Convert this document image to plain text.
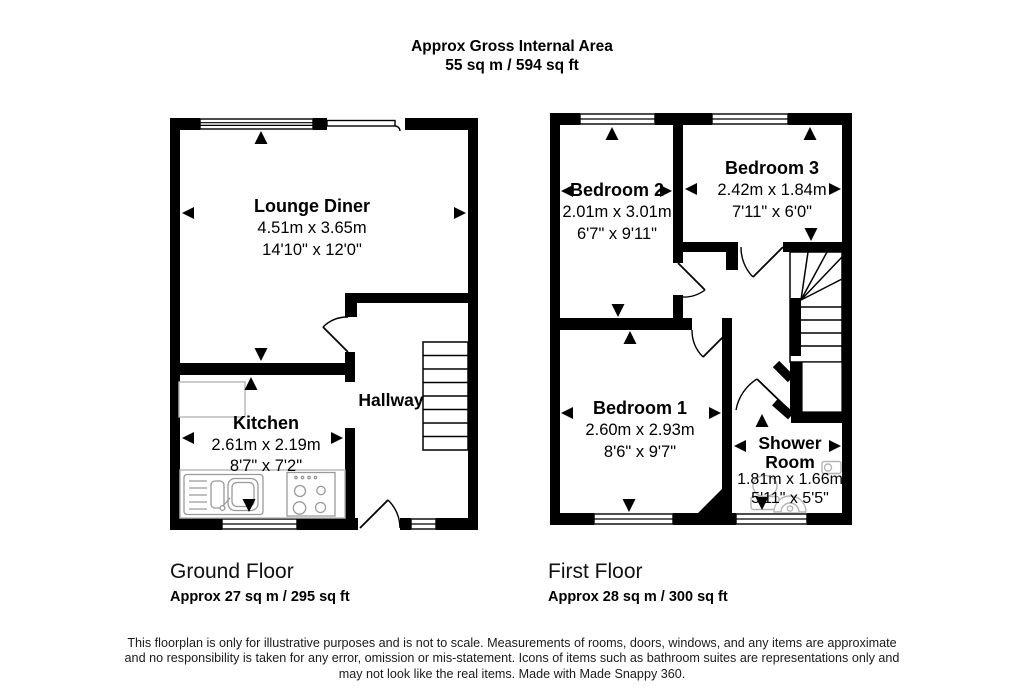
Approx Gross Internal Area
55 sq m / 594 sq ft
Lounge Diner
4.51m x 3.65m
14'10" x 12'0"
Kitchen
2.61m x 2.19m
8'7" x 7'2"
Hallway
Bedroom 2
2.01m x 3.01m
6'7" x 9'11"
Bedroom 3
2.42m x 1.84m
7'11" x 6'0"
Bedroom 1
2.60m x 2.93m
8'6" x 9'7"	Shower
Room
1.81m x 1.66m
5'11" x 5'5"
Ground Floor
Approx 27 sq m / 295 sq ft
First Floor
Approx 28 sq m / 300 sq ft
This floorplan is only for illustrative purposes and is not to scale. Measurements of rooms, doors, windows, and any items are approximate
and no responsibility is taken for any error, omission or mis-statement. Icons of items such as bathroom suites are representations only and
may not look like the real items. Made with Made Snappy 360.
